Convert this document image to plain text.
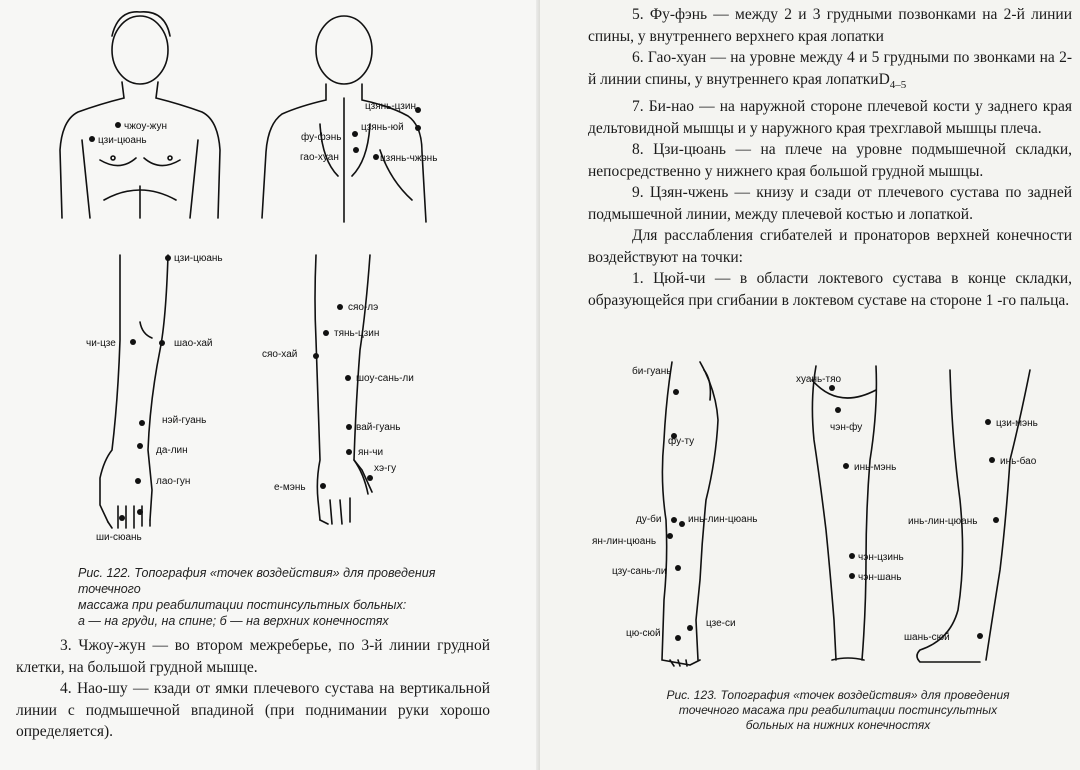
чжоу-жун
цзи-цюань
цзянь-цзин
цзянь-юй
фу-фэнь
гао-хуан	цзянь-чжэнь
цзи-цюань
чи-цзе	шао-хай
нэй-гуань
да-лин
лао-гун
ши-сюань
сяо-лэ
тянь-цзин
сяо-хай
шоу-сань-ли
вай-гуань
ян-чи
хэ-гу
е-мэнь
Рис. 122. Топография «точек воздействия» для проведения точечного
массажа при реабилитации постинсультных больных:
а — на груди, на спине; б — на верхних конечностях

3. Чжоу-жун — во втором межреберье, по 3-й линии грудной клетки, на большой грудной мышце.

4. Нао-шу — кзади от ямки плечевого сустава на вертикальной линии с подмышечной впадиной (при поднимании руки хорошо определяется).

5. Фу-фэнь — между 2 и 3 грудными позвонками на 2-й линии спины, у внутреннего верхнего края лопатки

6. Гао-хуан — на уровне между 4 и 5 грудными по звонками на 2-й линии спины, у внутреннего края лопаткиD$_{4-5}$

7. Би-нао — на наружной стороне плечевой кости у заднего края дельтовидной мышцы и у наружного края трехглавой мышцы плеча.

8. Цзи-цюань — на плече на уровне подмышечной складки, непосредственно у нижнего края большой грудной мышцы.

9. Цзян-чжень — книзу и сзади от плечевого сустава по задней подмышечной линии, между плечевой костью и лопаткой.

Для расслабления сгибателей и пронаторов верхней конечности воздействуют на точки:

1. Цюй-чи — в области локтевого сустава в конце складки, образующейся при сгибании в локтевом суставе на стороне 1 -го пальца.

би-гуань
фу-ту
ду-би	инь-лин-цюань
ян-лин-цюань
цзу-сань-ли
цзе-си
цю-сюй
хуань-тяо
чэн-фу
инь-мэнь
чэн-цзинь
чэн-шань
цзи-мэнь
инь-бао
инь-лин-цюань
шань-сюй
Рис. 123. Топография «точек воздействия» для проведения
точечного масажа при реабилитации постинсультных
больных на нижних конечностях
